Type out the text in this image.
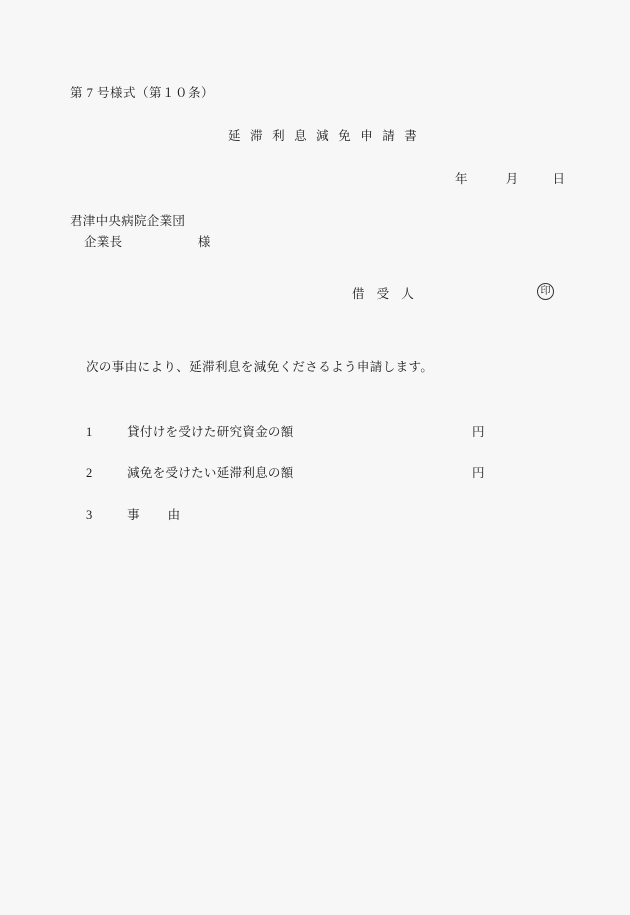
第 7 号様式（第１０条）
延 滞 利 息 減 免 申 請 書
年	月	日
君津中央病院企業団
企業長	様
借 受 人	印
次の事由により、延滞利息を減免くださるよう申請します。
1	貸付けを受けた研究資金の額	円
2	減免を受けたい延滞利息の額	円
3	事 由
